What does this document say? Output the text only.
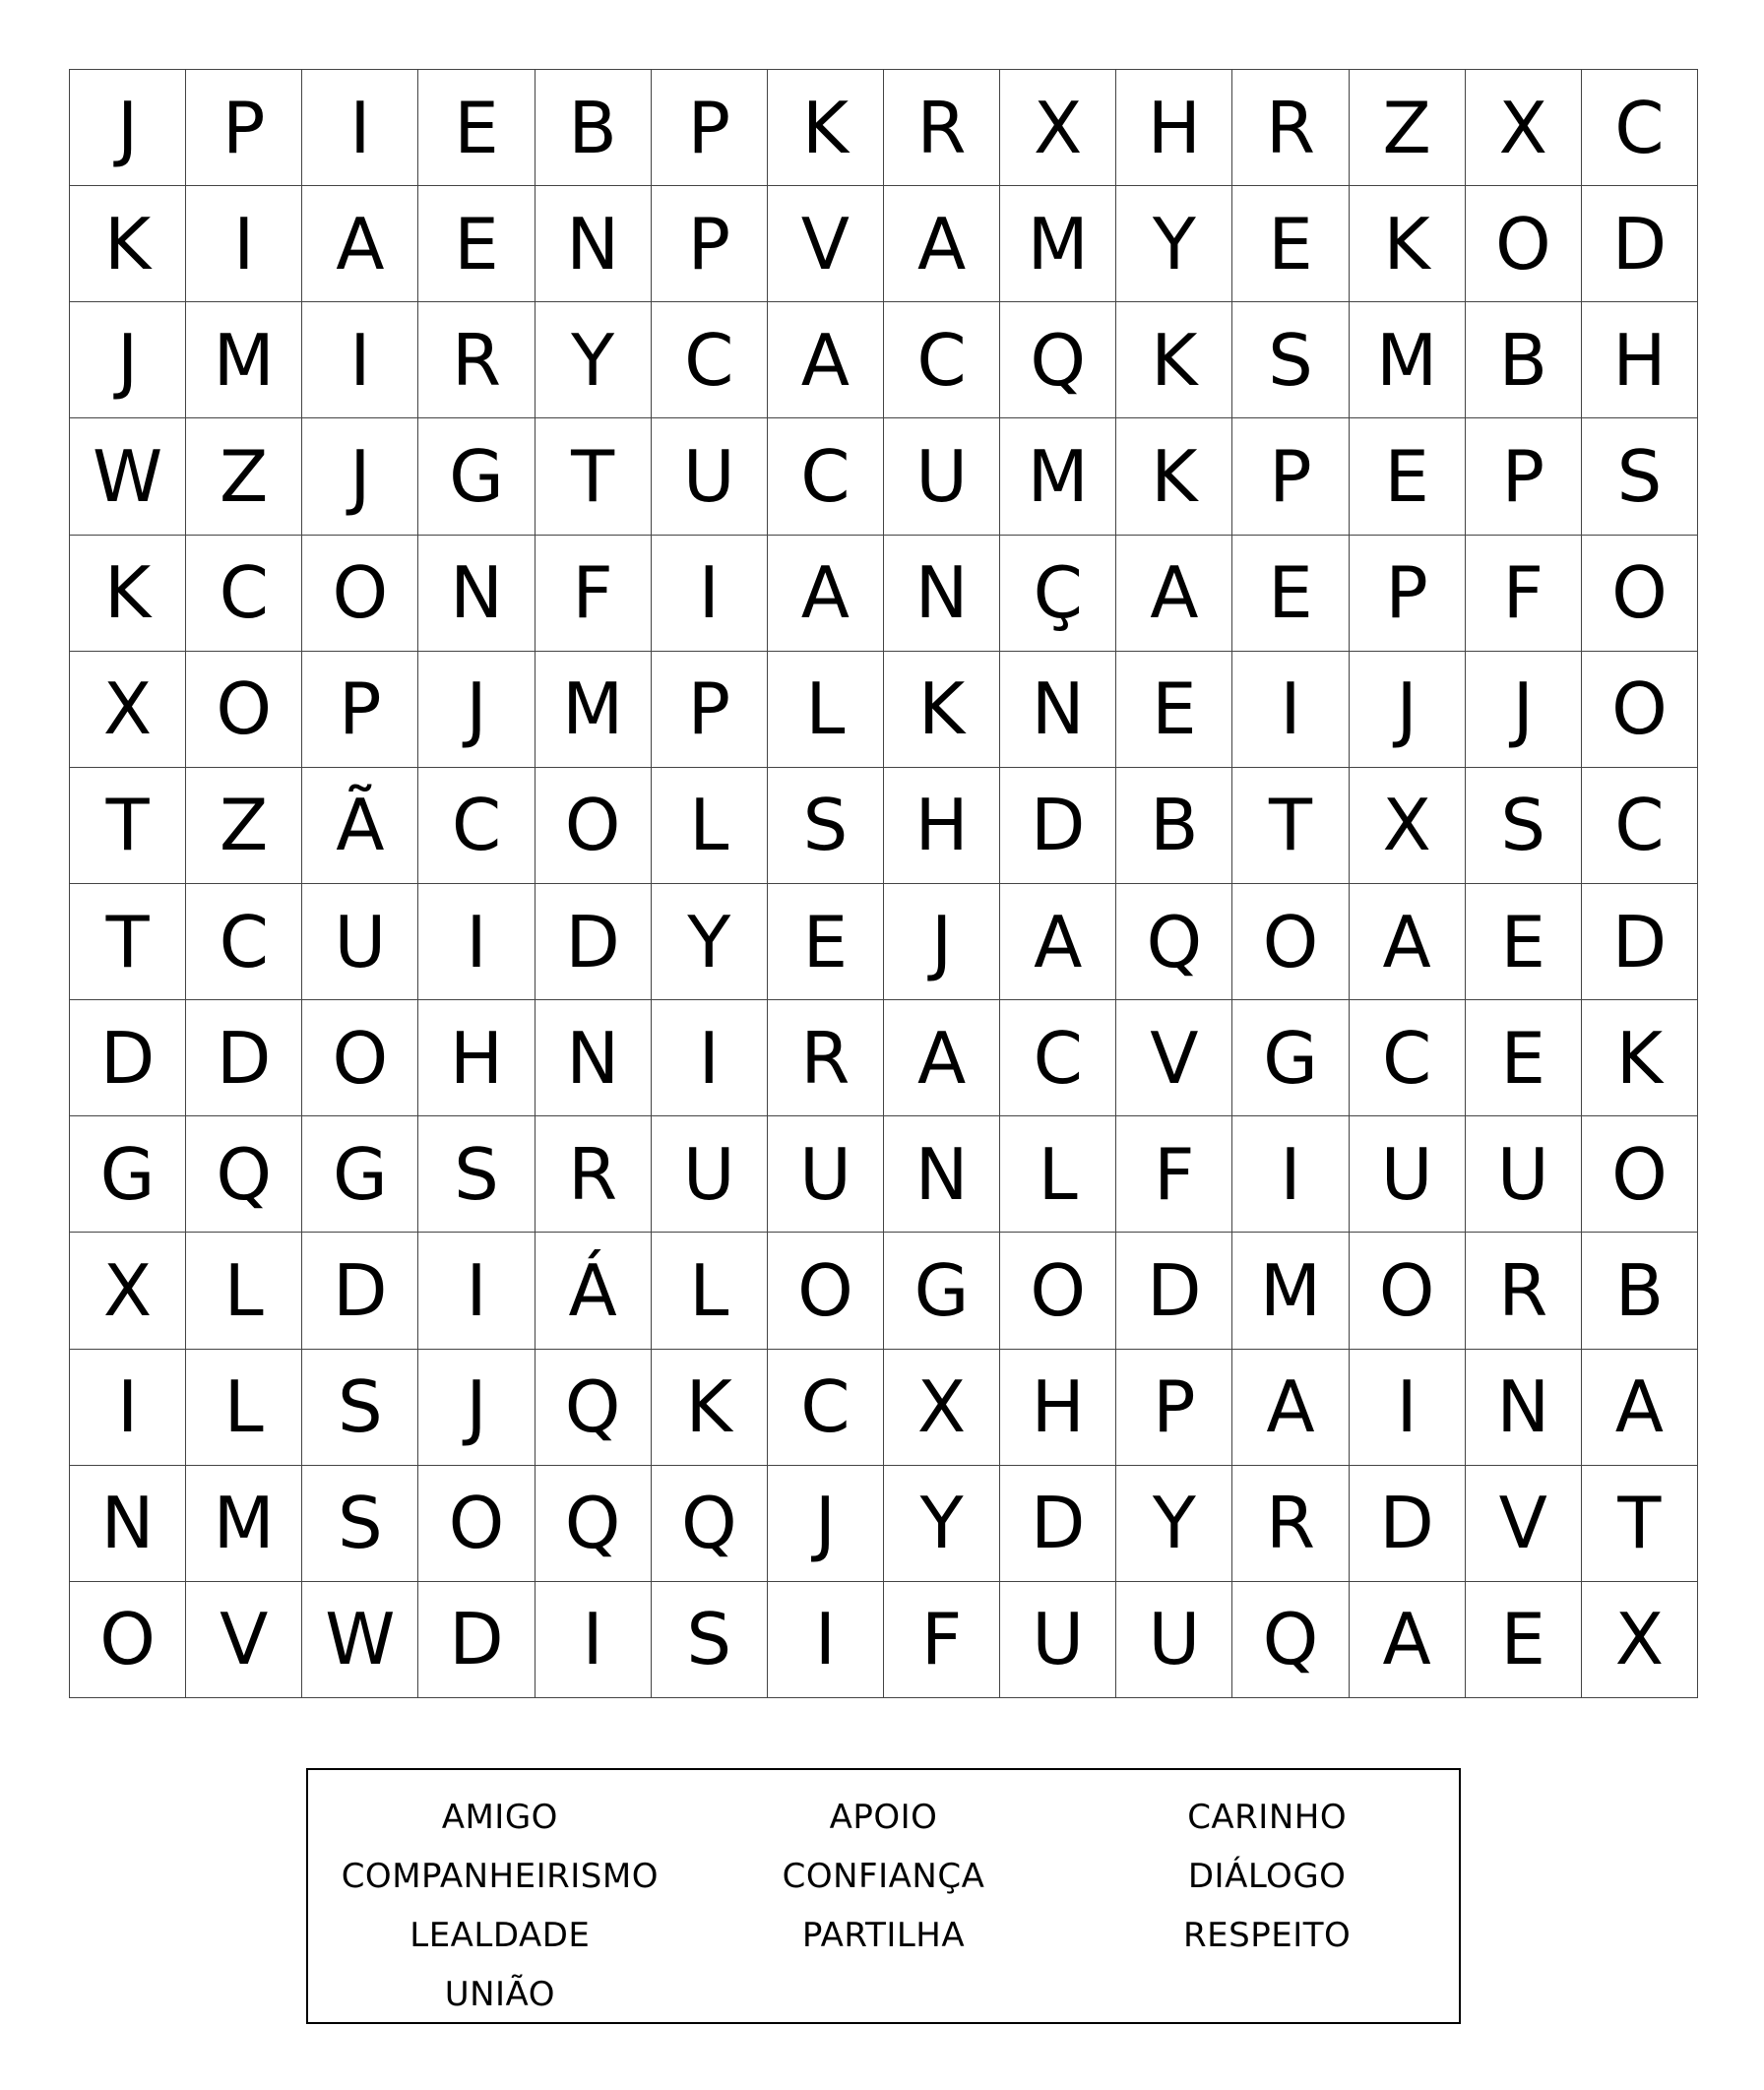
J	P	I	E B P	K R X H R Z X C
K	I	A E N P V A M Y	E K O D
J	M	I	R Y C A C Q K S M B H
W Z	J	G T U C U M K	P	E	P	S
K C O N F	I	A N Ç A E	P	F O
X O P	J	M P	L	K N E	I	J	J	O
T Z Ã C O L	S H D B T X S C
T C U	I	D Y	E	J	A Q O A E D
D D O H N	I	R A C V G C E K
G Q G S R U U N L	F	I	U U O
X	L D	I	Á	L O G O D M O R B
I	L	S	J	Q K C X H P A	I	N A
N M S O Q Q	J	Y D Y R D V T
O V W D	I	S	I	F U U Q A E X
AMIGO	APOIO	CARINHO
COMPANHEIRISMO	CONFIANÇA	DIÁLOGO
LEALDADE	PARTILHA	RESPEITO
UNIÃO
